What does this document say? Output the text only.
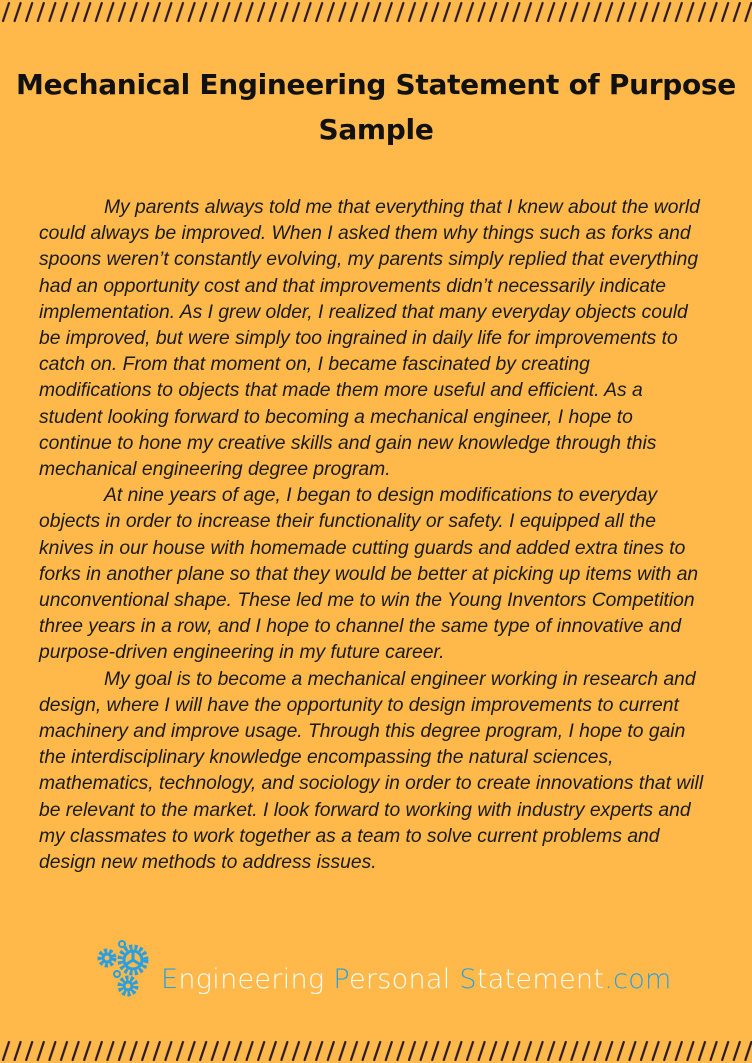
Mechanical Engineering Statement of Purpose
Sample
My parents always told me that everything that I knew about the world
could always be improved. When I asked them why things such as forks and
spoons weren’t constantly evolving, my parents simply replied that everything
had an opportunity cost and that improvements didn’t necessarily indicate
implementation. As I grew older, I realized that many everyday objects could
be improved, but were simply too ingrained in daily life for improvements to
catch on. From that moment on, I became fascinated by creating
modifications to objects that made them more useful and efficient. As a
student looking forward to becoming a mechanical engineer, I hope to
continue to hone my creative skills and gain new knowledge through this
mechanical engineering degree program.
At nine years of age, I began to design modifications to everyday
objects in order to increase their functionality or safety. I equipped all the
knives in our house with homemade cutting guards and added extra tines to
forks in another plane so that they would be better at picking up items with an
unconventional shape. These led me to win the Young Inventors Competition
three years in a row, and I hope to channel the same type of innovative and
purpose-driven engineering in my future career.
My goal is to become a mechanical engineer working in research and
design, where I will have the opportunity to design improvements to current
machinery and improve usage. Through this degree program, I hope to gain
the interdisciplinary knowledge encompassing the natural sciences,
mathematics, technology, and sociology in order to create innovations that will
be relevant to the market. I look forward to working with industry experts and
my classmates to work together as a team to solve current problems and
design new methods to address issues.
Engineering Personal Statement.com
